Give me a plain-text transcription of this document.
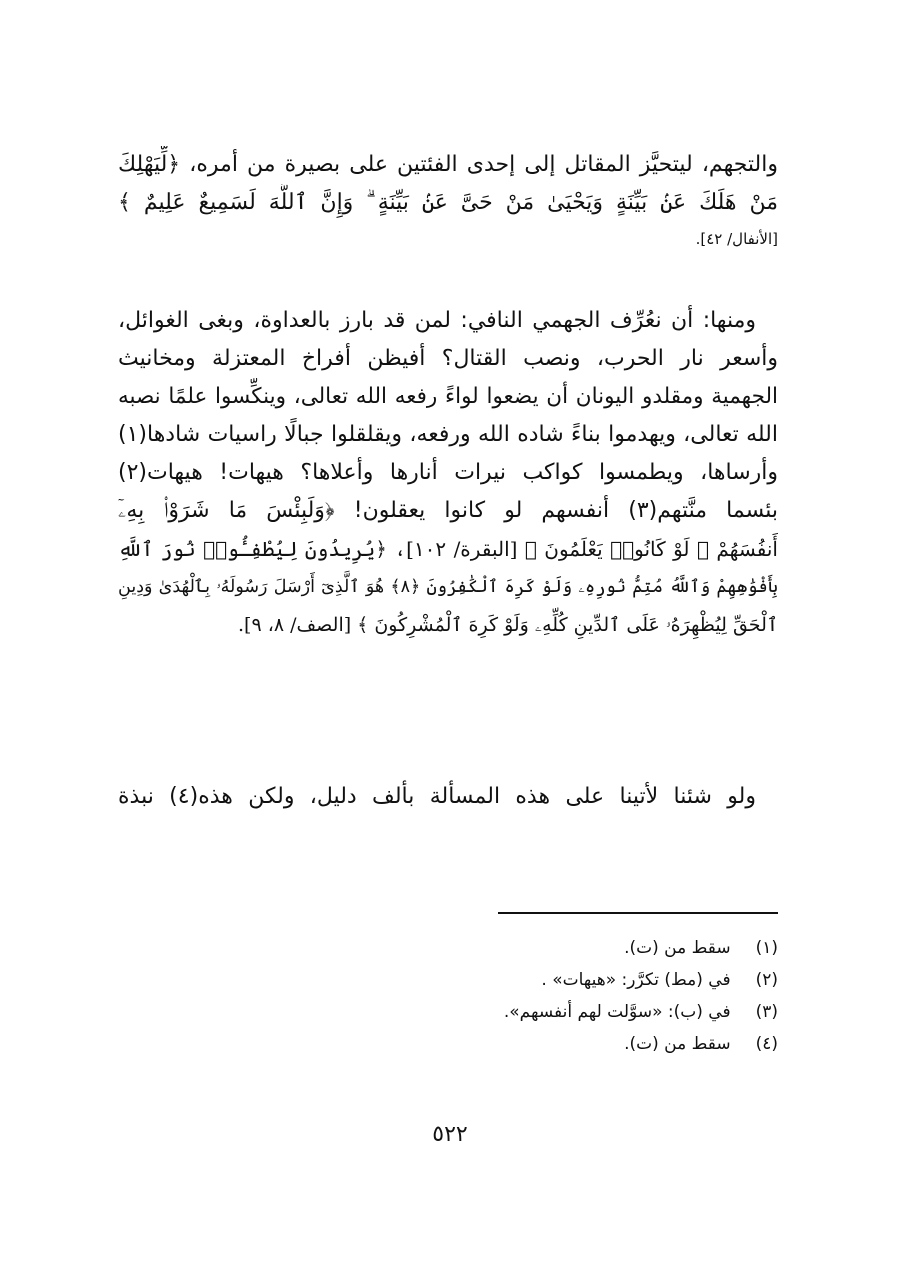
والتجهم، ليتحيَّز المقاتل إلى إحدى الفئتين على بصيرة من أمره، ﴿لِّيَهْلِكَ
مَنْ هَلَكَ عَنۢ بَيِّنَةٍ وَيَحْيَىٰ مَنْ حَىَّ عَنۢ بَيِّنَةٍ ۗ وَإِنَّ ٱللَّهَ لَسَمِيعٌ عَلِيمٌ ﴾
[الأنفال/ ٤٢].
ومنها: أن نعُرِّف الجهمي النافي: لمن قد بارز بالعداوة، وبغى الغوائل،
وأسعر نار الحرب، ونصب القتال؟ أفيظن أفراخ المعتزلة ومخانيث
الجهمية ومقلدو اليونان أن يضعوا لواءً رفعه الله تعالى، وينكِّسوا علمًا نصبه
الله تعالى، ويهدموا بناءً شاده الله ورفعه، ويقلقلوا جبالًا راسيات شادها(١)
وأرساها، ويطمسوا كواكب نيرات أنارها وأعلاها؟ هيهات! هيهات(٢)
بئسما منَّتهم(٣) أنفسهم لو كانوا يعقلون! ﴿وَلَبِئْسَ مَا شَرَوْا۟ بِهِۦٓ
أَنفُسَهُمْ ۚ لَوْ كَانُوا۟ يَعْلَمُونَ ﴾ [البقرة/ ١٠٢]، ﴿يُرِيدُونَ لِيُطْفِـُٔوا۟ نُورَ ٱللَّهِ
بِأَفْوَٰهِهِمْ وَٱللَّهُ مُتِمُّ نُورِهِۦ وَلَوْ كَرِهَ ٱلْكَٰفِرُونَ ﴿٨﴾ هُوَ ٱلَّذِىٓ أَرْسَلَ رَسُولَهُۥ بِٱلْهُدَىٰ وَدِينِ
ٱلْحَقِّ لِيُظْهِرَهُۥ عَلَى ٱلدِّينِ كُلِّهِۦ وَلَوْ كَرِهَ ٱلْمُشْرِكُونَ ﴾ [الصف/ ٨، ٩].
ولو شئنا لأتينا على هذه المسألة بألف دليل، ولكن هذه(٤) نبذة
(١) سقط من (ت).
(٢) في (مط) تكرَّر: «هيهات» .
(٣) في (ب): «سوَّلت لهم أنفسهم».
(٤) سقط من (ت).
٥٢٢
